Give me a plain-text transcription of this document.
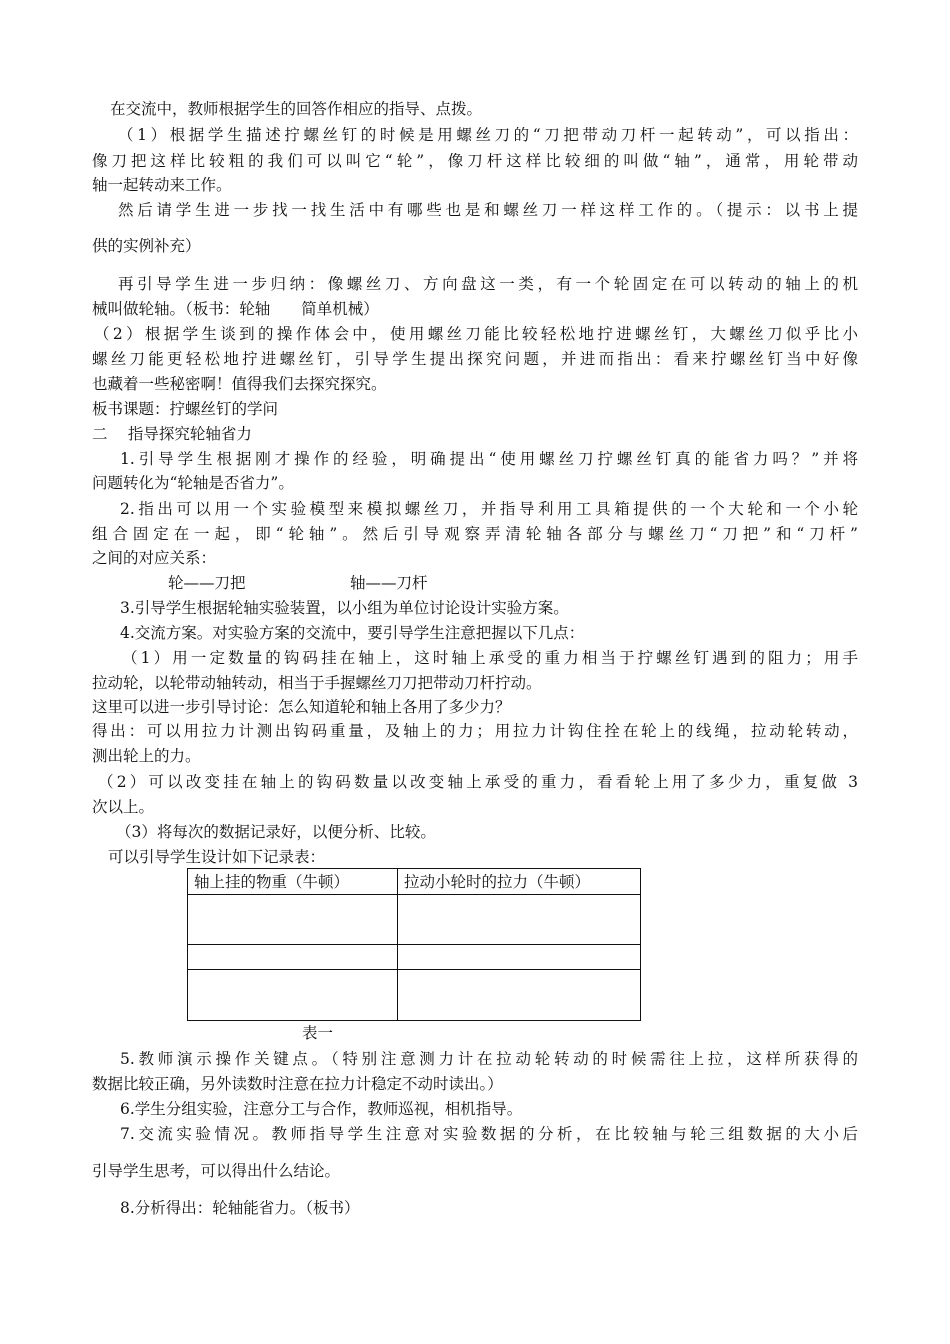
在交流中，教师根据学生的回答作相应的指导、点拨。
（1）根据学生描述拧螺丝钉的时候是用螺丝刀的“刀把带动刀杆一起转动”，可以指出：
像刀把这样比较粗的我们可以叫它“轮”，像刀杆这样比较细的叫做“轴”，通常，用轮带动
轴一起转动来工作。
然后请学生进一步找一找生活中有哪些也是和螺丝刀一样这样工作的。（提示：以书上提
供的实例补充）
再引导学生进一步归纳：像螺丝刀、方向盘这一类，有一个轮固定在可以转动的轴上的机
械叫做轮轴。（板书：轮轴　　简单机械）
（2）根据学生谈到的操作体会中，使用螺丝刀能比较轻松地拧进螺丝钉，大螺丝刀似乎比小
螺丝刀能更轻松地拧进螺丝钉，引导学生提出探究问题，并进而指出：看来拧螺丝钉当中好像
也藏着一些秘密啊！值得我们去探究探究。
板书课题：拧螺丝钉的学问
二　 指导探究轮轴省力
1.引导学生根据刚才操作的经验，明确提出“使用螺丝刀拧螺丝钉真的能省力吗？”并将
问题转化为“轮轴是否省力”。
2.指出可以用一个实验模型来模拟螺丝刀，并指导利用工具箱提供的一个大轮和一个小轮
组合固定在一起，即“轮轴”。然后引导观察弄清轮轴各部分与螺丝刀“刀把”和“刀杆”
之间的对应关系：
轮——刀把	轴——刀杆
3.引导学生根据轮轴实验装置，以小组为单位讨论设计实验方案。
4.交流方案。对实验方案的交流中，要引导学生注意把握以下几点：
（1）用一定数量的钩码挂在轴上，这时轴上承受的重力相当于拧螺丝钉遇到的阻力；用手
拉动轮，以轮带动轴转动，相当于手握螺丝刀刀把带动刀杆拧动。
这里可以进一步引导讨论：怎么知道轮和轴上各用了多少力？
得出：可以用拉力计测出钩码重量，及轴上的力；用拉力计钩住拴在轮上的线绳，拉动轮转动，
测出轮上的力。
（2）可以改变挂在轴上的钩码数量以改变轴上承受的重力，看看轮上用了多少力，重复做 3
次以上。
（3）将每次的数据记录好，以便分析、比较。
可以引导学生设计如下记录表：
轴上挂的物重（牛顿）	拉动小轮时的拉力（牛顿）

表一
5.教师演示操作关键点。（特别注意测力计在拉动轮转动的时候需往上拉，这样所获得的
数据比较正确，另外读数时注意在拉力计稳定不动时读出。）
6.学生分组实验，注意分工与合作，教师巡视，相机指导。
7.交流实验情况。教师指导学生注意对实验数据的分析，在比较轴与轮三组数据的大小后
引导学生思考，可以得出什么结论。
8.分析得出：轮轴能省力。（板书）
